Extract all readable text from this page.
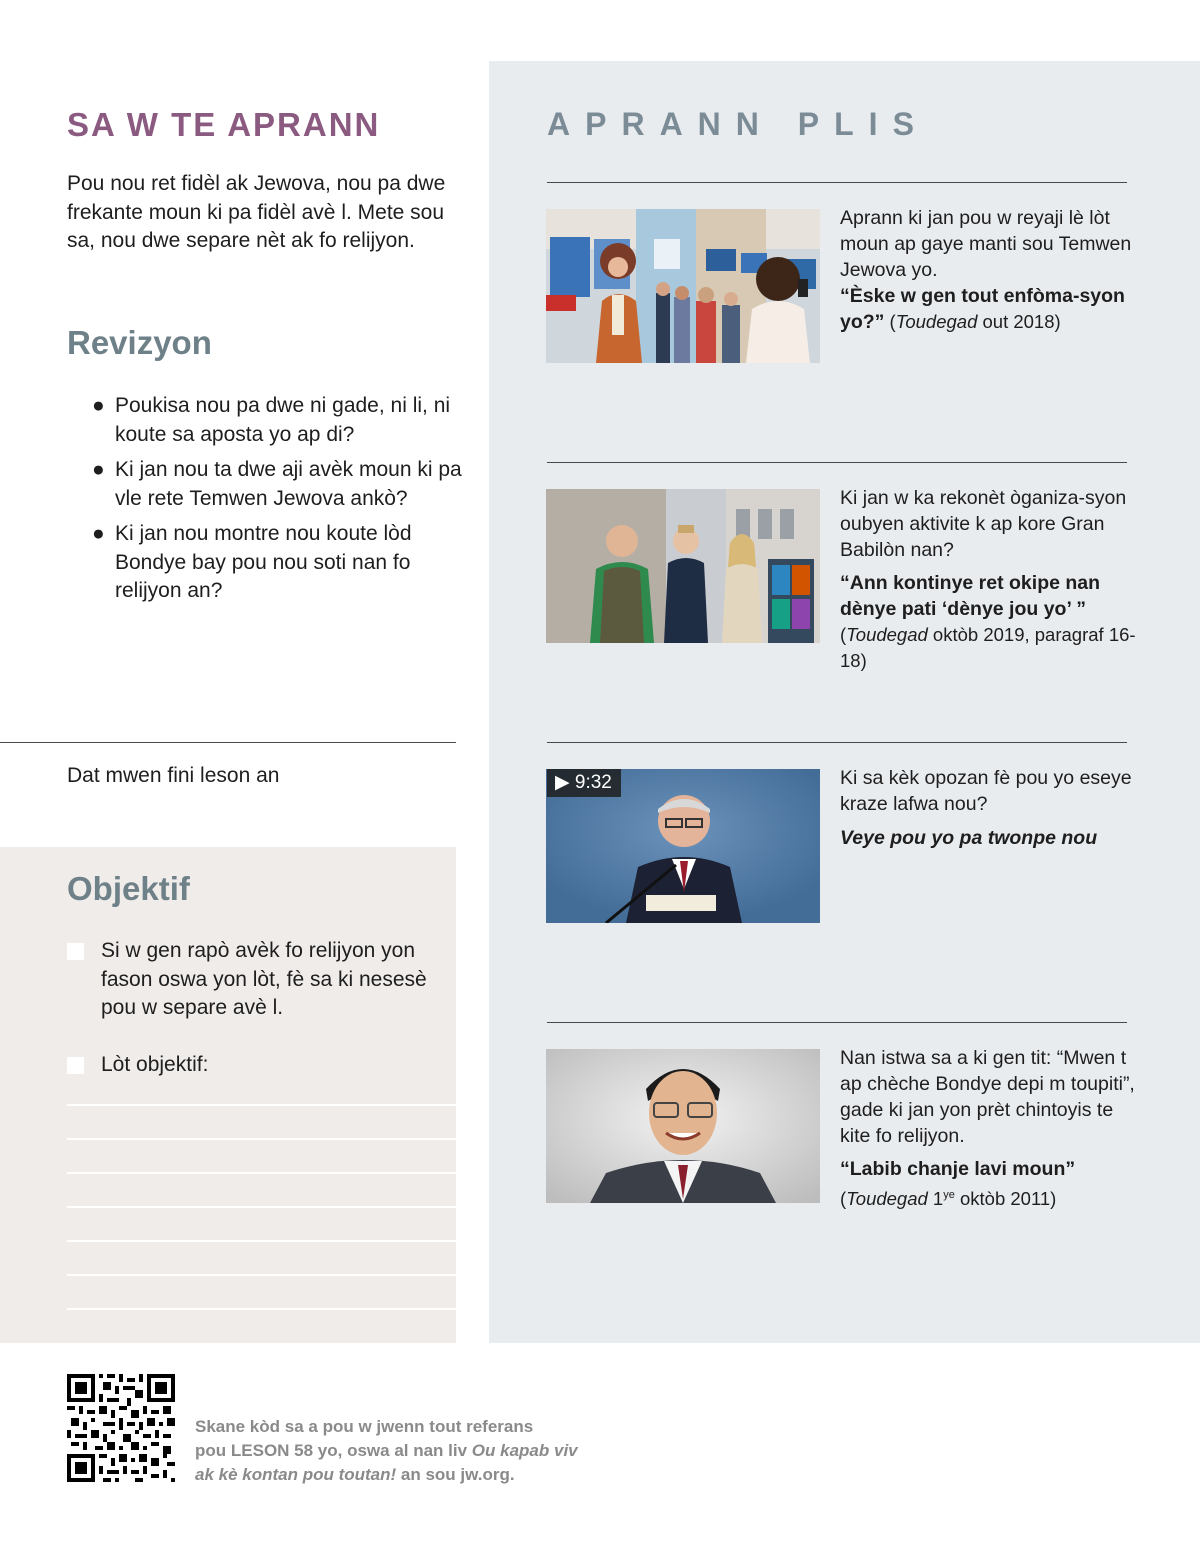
APRANN PLIS
Aprann ki jan pou w reyaji lè lòt moun ap gaye manti sou Temwen Jewova yo.
“Èske w gen tout enfòma-syon yo?” (Toudegad out 2018)
Ki jan w ka rekonèt òganiza-syon oubyen aktivite k ap kore Gran Babilòn nan?
“Ann kontinye ret okipe nan dènye pati ‘dènye jou yo’ ”
(Toudegad oktòb 2019, paragraf 16-18)
▶ 9:32	Ki sa kèk opozan fè pou yo eseye kraze lafwa nou?
Veye pou yo pa twonpe nou
Nan istwa sa a ki gen tit: “Mwen t ap chèche Bondye depi m toupiti”, gade ki jan yon prèt chintoyis te kite fo relijyon.
“Labib chanje lavi moun”
(Toudegad $1^{ye}$ oktòb 2011)
SA W TE APRANN
Pou nou ret fidèl ak Jewova, nou pa dwe frekante moun ki pa fidèl avè l. Mete sou sa, nou dwe separe nèt ak fo relijyon.
Revizyon
● Poukisa nou pa dwe ni gade, ni li, ni koute sa aposta yo ap di?
● Ki jan nou ta dwe aji avèk moun ki pa vle rete Temwen Jewova ankò?
● Ki jan nou montre nou koute lòd Bondye bay pou nou soti nan fo relijyon an?
Dat mwen fini leson an
Objektif
Si w gen rapò avèk fo relijyon yon fason oswa yon lòt, fè sa ki nesesè pou w separe avè l.
Lòt objektif:
Skane kòd sa a pou w jwenn tout referans
pou LESON 58 yo, oswa al nan liv Ou kapab viv
ak kè kontan pou toutan! an sou jw.org.
